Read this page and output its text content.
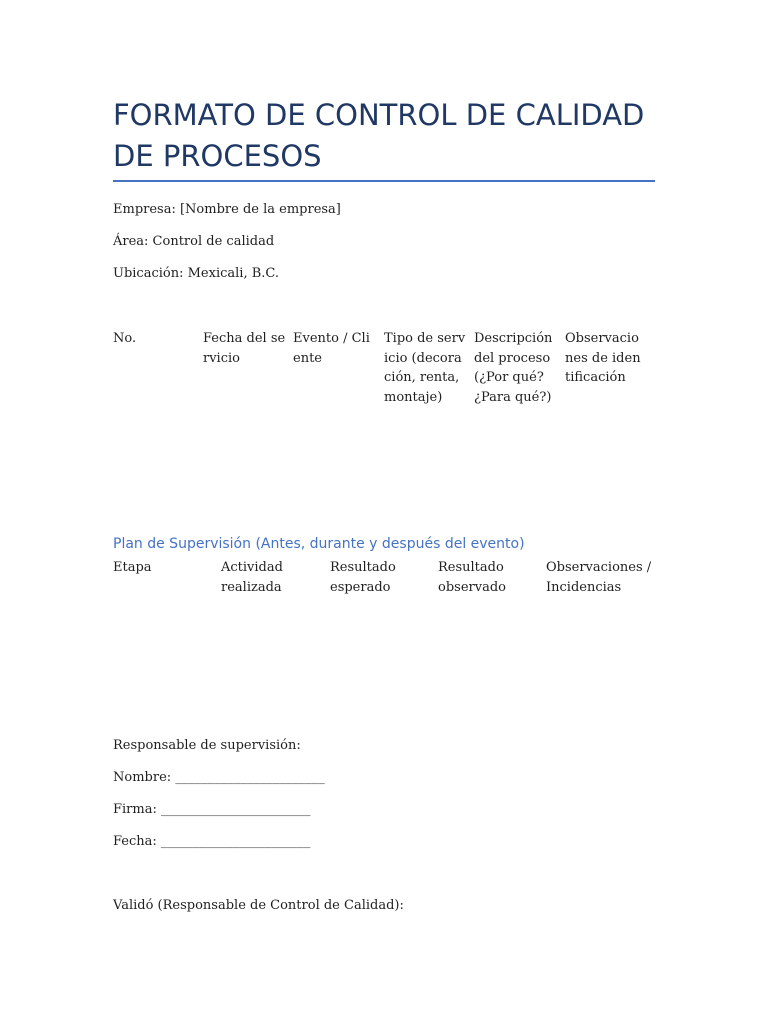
FORMATO DE CONTROL DE CALIDAD DE PROCESOS

Empresa: [Nombre de la empresa]

Área: Control de calidad

Ubicación: Mexicali, B.C.

No.	Fecha del servicio
Evento / Cliente
Tipo de servicio (decoración, renta, montaje)
Descripción del proceso (¿Por qué? ¿Para qué?)
Observaciones de identificación
Plan de Supervisión (Antes, durante y después del evento)
Etapa	Actividad realizada
Resultado esperado
Resultado observado
Observaciones / Incidencias

Responsable de supervisión:

Nombre: _______________________

Firma: _______________________

Fecha: _______________________

Validó (Responsable de Control de Calidad):
